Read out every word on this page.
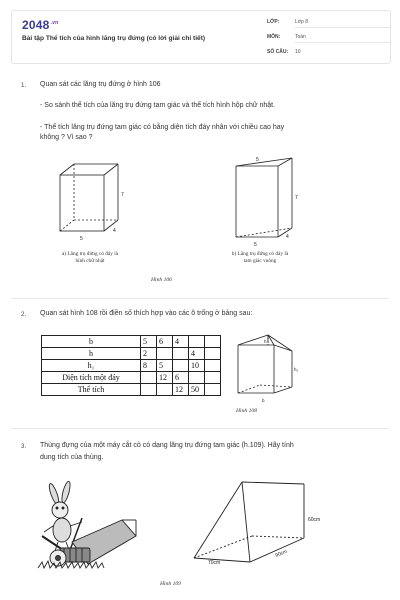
$2048^{.vn}$
Bài tập Thể tích của hình lăng trụ đứng (có lời giải chi tiết)
LỚP:	Lớp 8
MÔN:	Toán
SỐ CÂU: 10
1. Quan sát các lăng trụ đứng ở hình 106
- So sánh thể tích của lăng trụ đứng tam giác và thể tích hình hộp chữ nhật.
- Thể tích lăng trụ đứng tam giác có bằng diện tích đáy nhân với chiều cao hay
không ? Vì sao ?
7
4
5
a) Lăng trụ đứng có đáy là
hình chữ nhật
5
7
4
5
b) Lăng trụ đứng có đáy là
tam giác vuông
Hình 106
2. Quan sát hình 108 rồi điền số thích hợp vào các ô trống ở bảng sau:
b	5	6	4		
h	2			4	
h₁	8	5		10	
Diện tích một đáy		12	6		
Thể tích			12	50	
h
h₁
b
Hình 108
3. Thùng đựng của một máy cắt cỏ có dạng lăng trụ đứng tam giác (h.109). Hãy tính
dung tích của thùng.
60cm
90cm
70cm
Hình 109
